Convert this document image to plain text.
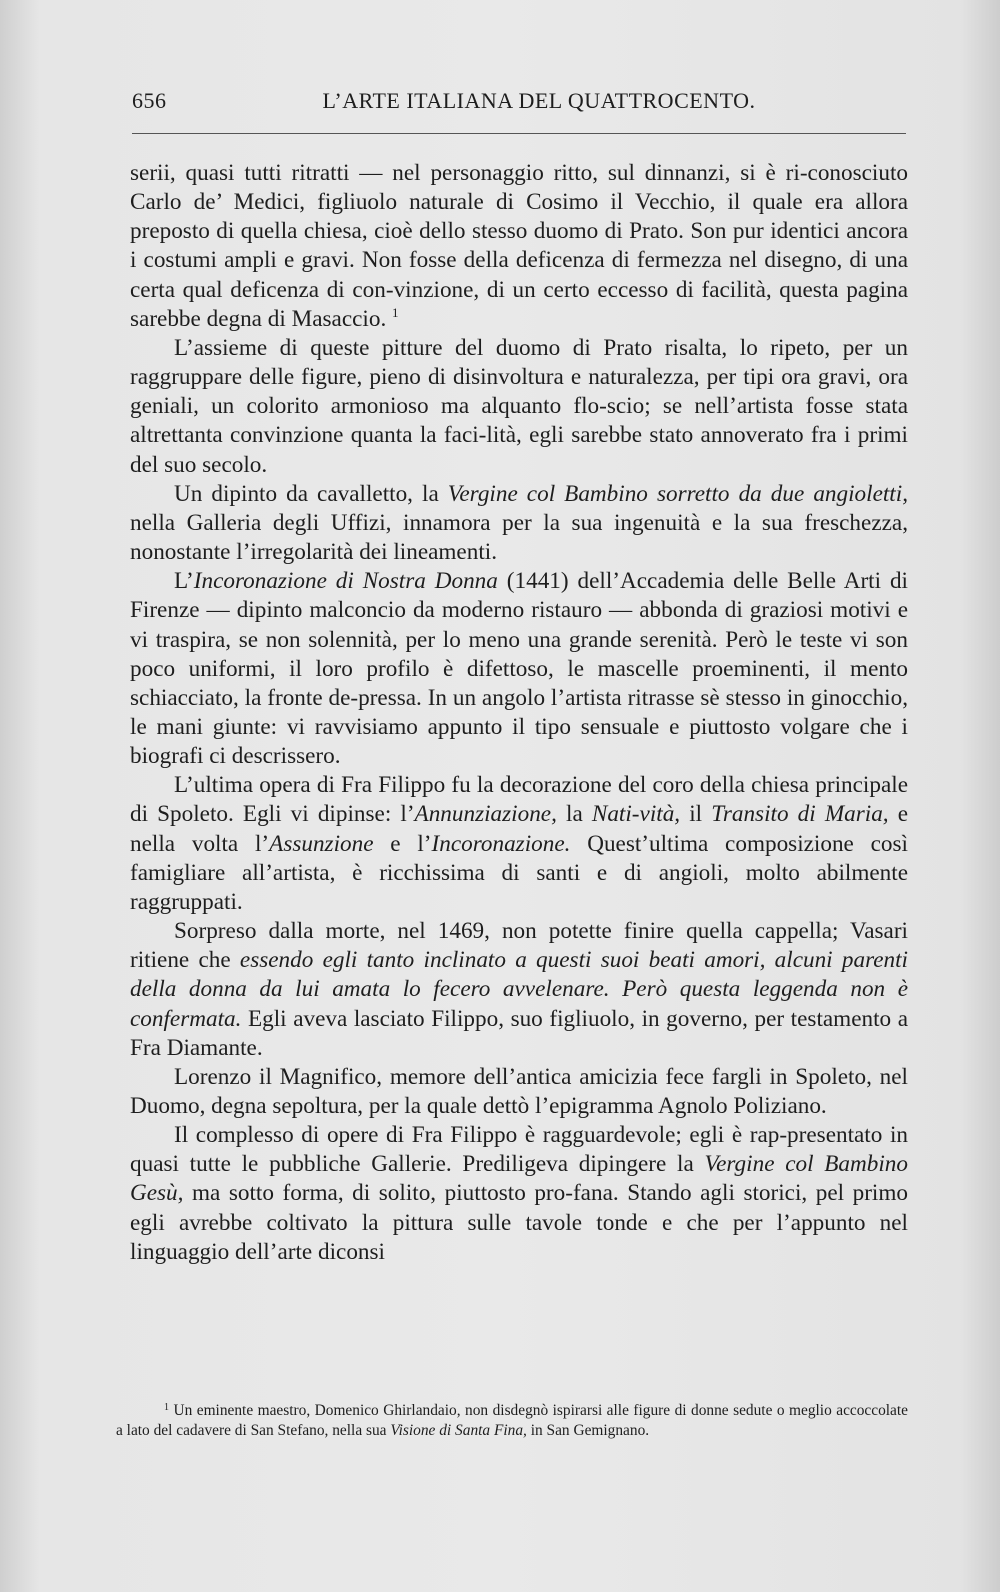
656	L’ARTE ITALIANA DEL QUATTROCENTO.

serii, quasi tutti ritratti — nel personaggio ritto, sul dinnanzi, si è ri-conosciuto Carlo de’ Medici, figliuolo naturale di Cosimo il Vecchio, il quale era allora preposto di quella chiesa, cioè dello stesso duomo di Prato. Son pur identici ancora i costumi ampli e gravi. Non fosse della deficenza di fermezza nel disegno, di una certa qual deficenza di con-vinzione, di un certo eccesso di facilità, questa pagina sarebbe degna di Masaccio. $^1$

L’assieme di queste pitture del duomo di Prato risalta, lo ripeto, per un raggruppare delle figure, pieno di disinvoltura e naturalezza, per tipi ora gravi, ora geniali, un colorito armonioso ma alquanto flo-scio; se nell’artista fosse stata altrettanta convinzione quanta la faci-lità, egli sarebbe stato annoverato fra i primi del suo secolo.

Un dipinto da cavalletto, la Vergine col Bambino sorretto da due angioletti, nella Galleria degli Uffizi, innamora per la sua ingenuità e la sua freschezza, nonostante l’irregolarità dei lineamenti.

L’Incoronazione di Nostra Donna (1441) dell’Accademia delle Belle Arti di Firenze — dipinto malconcio da moderno ristauro — abbonda di graziosi motivi e vi traspira, se non solennità, per lo meno una grande serenità. Però le teste vi son poco uniformi, il loro profilo è difettoso, le mascelle proeminenti, il mento schiacciato, la fronte de-pressa. In un angolo l’artista ritrasse sè stesso in ginocchio, le mani giunte: vi ravvisiamo appunto il tipo sensuale e piuttosto volgare che i biografi ci descrissero.

L’ultima opera di Fra Filippo fu la decorazione del coro della chiesa principale di Spoleto. Egli vi dipinse: l’Annunziazione, la Nati-vità, il Transito di Maria, e nella volta l’Assunzione e l’Incoronazione. Quest’ultima composizione così famigliare all’artista, è ricchissima di santi e di angioli, molto abilmente raggruppati.

Sorpreso dalla morte, nel 1469, non potette finire quella cappella; Vasari ritiene che essendo egli tanto inclinato a questi suoi beati amori, alcuni parenti della donna da lui amata lo fecero avvelenare. Però questa leggenda non è confermata. Egli aveva lasciato Filippo, suo figliuolo, in governo, per testamento a Fra Diamante.

Lorenzo il Magnifico, memore dell’antica amicizia fece fargli in Spoleto, nel Duomo, degna sepoltura, per la quale dettò l’epigramma Agnolo Poliziano.

Il complesso di opere di Fra Filippo è ragguardevole; egli è rap-presentato in quasi tutte le pubbliche Gallerie. Prediligeva dipingere la Vergine col Bambino Gesù, ma sotto forma, di solito, piuttosto pro-fana. Stando agli storici, pel primo egli avrebbe coltivato la pittura sulle tavole tonde e che per l’appunto nel linguaggio dell’arte diconsi

$^1$ Un eminente maestro, Domenico Ghirlandaio, non disdegnò ispirarsi alle figure di donne sedute o meglio accoccolate a lato del cadavere di San Stefano, nella sua Visione di Santa Fina, in San Gemignano.
